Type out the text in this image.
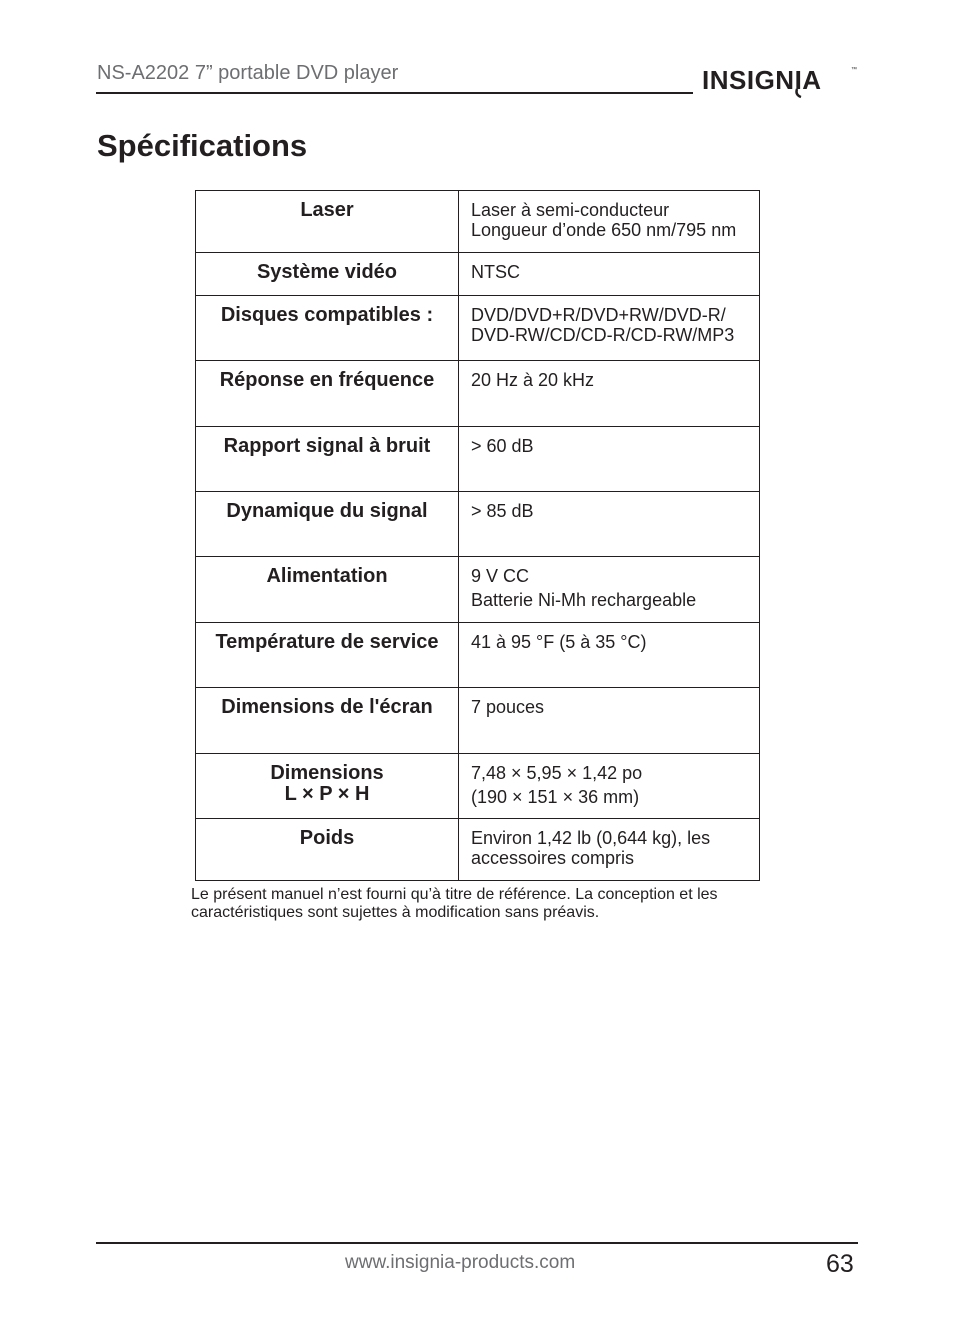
NS-A2202 7” portable DVD player	INSIGNIA	™
Spécifications
Laser	Laser à semi-conducteur
Longueur d’onde 650 nm/795 nm

Système vidéo	NTSC

Disques compatibles :	DVD/DVD+R/DVD+RW/DVD-R/
DVD-RW/CD/CD-R/CD-RW/MP3

Réponse en fréquence	20 Hz à 20 kHz

Rapport signal à bruit	> 60 dB

Dynamique du signal	> 85 dB

Alimentation	9 V CC
Batterie Ni-Mh rechargeable

Température de service	41 à 95 °F (5 à 35 °C)

Dimensions de l'écran	7 pouces

Dimensions L × P × H	7,48 × 5,95 × 1,42 po
(190 × 151 × 36 mm)

Poids	Environ 1,42 lb (0,644 kg), les
accessoires compris
Le présent manuel n’est fourni qu’à titre de référence. La conception et les caractéristiques sont sujettes à modification sans préavis.
www.insignia-products.com	63
